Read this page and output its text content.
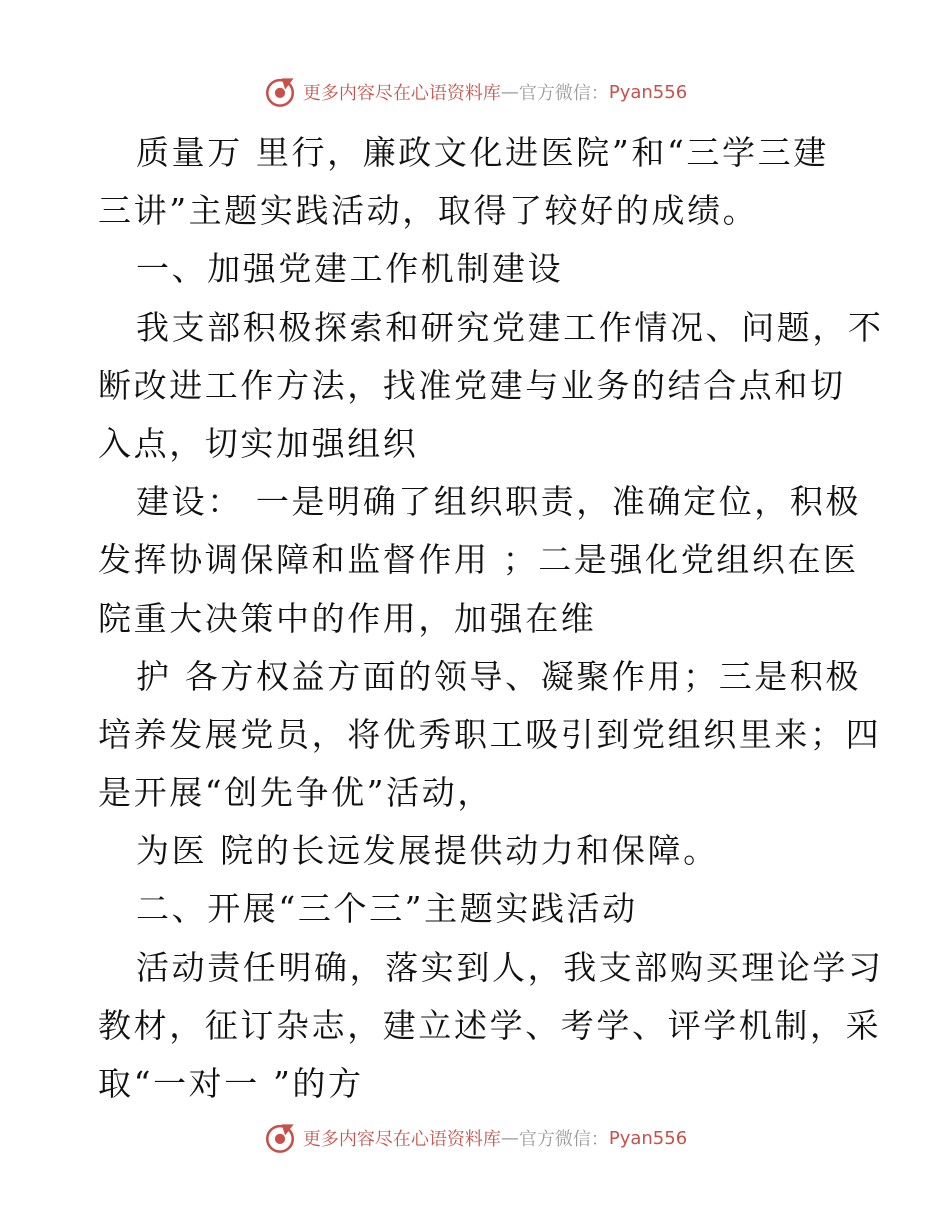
更多内容尽在心语资料库 — 官方微信： Pyan556
质量万 里行，廉政文化进医院”和“三学三建
三讲”主题实践活动，取得了较好的成绩。
一、加强党建工作机制建设
我支部积极探索和研究党建工作情况、问题，不
断改进工作方法，找准党建与业务的结合点和切
入点，切实加强组织
建设： 一是明确了组织职责，准确定位，积极
发挥协调保障和监督作用 ；二是强化党组织在医
院重大决策中的作用，加强在维
护 各方权益方面的领导、凝聚作用；三是积极
培养发展党员，将优秀职工吸引到党组织里来；四
是开展“创先争优”活动，
为医 院的长远发展提供动力和保障。
二、开展“三个三”主题实践活动
活动责任明确，落实到人，我支部购买理论学习
教材，征订杂志，建立述学、考学、评学机制，采
取“一对一 ”的方
更多内容尽在心语资料库 — 官方微信： Pyan556
